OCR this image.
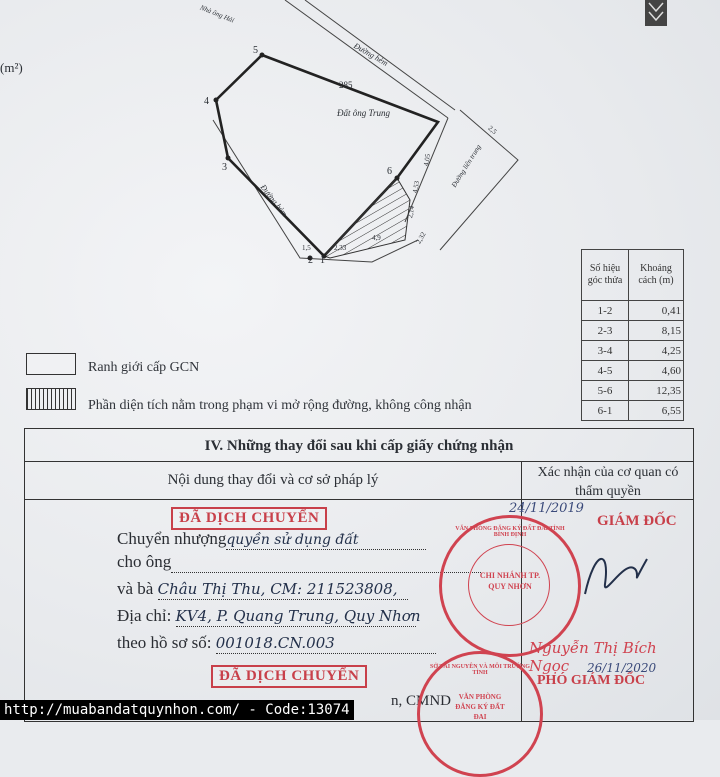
Nhà ông Hải
(m²)
285
Đất ông Trung
Đường hẻm
Đường hẻm
Đường liên trung
1
2
3
4
5
6
1,5	2,33
4,9	2,32
2,14
4,53
4,05
2,5
Số hiệu góc thửa	Khoảng cách (m)
1-2	0,41
2-3	8,15
3-4	4,25
4-5	4,60
5-6	12,35
6-1	6,55
Ranh giới cấp GCN
Phần diện tích nằm trong phạm vi mở rộng đường, không công nhận
IV. Những thay đổi sau khi cấp giấy chứng nhận
Nội dung thay đổi và cơ sở pháp lý	Xác nhận của cơ quan có thẩm quyền
ĐÃ DỊCH CHUYỂN
Chuyển nhượngquyền sử dụng đất
cho ông
và bà Châu Thị Thu, CM: 211523808,
Địa chỉ: KV4, P. Quang Trung, Quy Nhơn
theo hồ sơ số: 001018.CN.003
ĐÃ DỊCH CHUYỂN
n, CMND
24/11/2019
GIÁM ĐỐC
VĂN PHÒNG ĐĂNG KÝ ĐẤT ĐAI TỈNH BÌNH ĐỊNH
CHI NHÁNH TP. QUY NHƠN
Nguyễn Thị Bích Ngọc
PHÓ GIÁM ĐỐC
26/11/2020
SỞ TÀI NGUYÊN VÀ MÔI TRƯỜNG TỈNH
VĂN PHÒNG ĐĂNG KÝ ĐẤT ĐAI
http://muabandatquynhon.com/ - Code:13074
